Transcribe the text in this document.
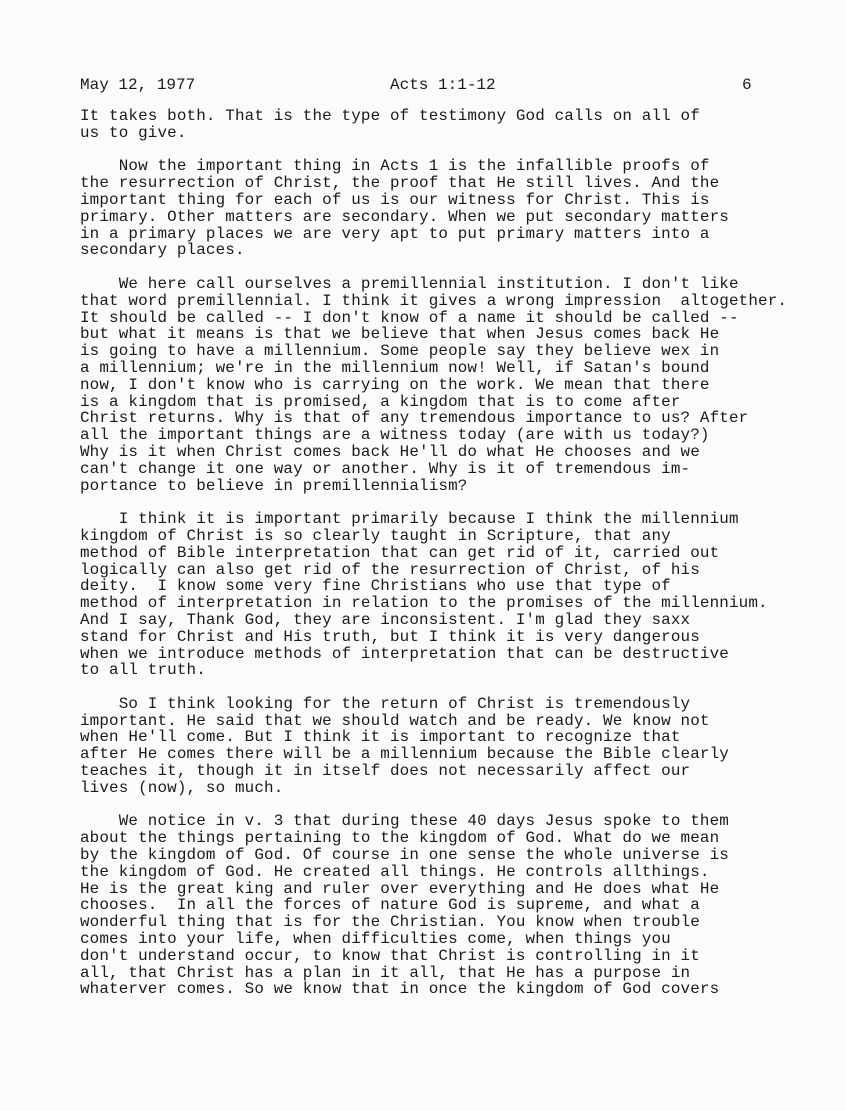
May 12, 1977	Acts 1:1-12	6
It takes both. That is the type of testimony God calls on all of
us to give.
Now the important thing in Acts 1 is the infallible proofs of
the resurrection of Christ, the proof that He still lives. And the
important thing for each of us is our witness for Christ. This is
primary. Other matters are secondary. When we put secondary matters
in a primary places we are very apt to put primary matters into a
secondary places.
We here call ourselves a premillennial institution. I don't like
that word premillennial. I think it gives a wrong impression  altogether.
It should be called -- I don't know of a name it should be called --
but what it means is that we believe that when Jesus comes back He
is going to have a millennium. Some people say they believe wex in
a millennium; we're in the millennium now! Well, if Satan's bound
now, I don't know who is carrying on the work. We mean that there
is a kingdom that is promised, a kingdom that is to come after
Christ returns. Why is that of any tremendous importance to us? After
all the important things are a witness today (are with us today?)
Why is it when Christ comes back He'll do what He chooses and we
can't change it one way or another. Why is it of tremendous im-
portance to believe in premillennialism?
I think it is important primarily because I think the millennium
kingdom of Christ is so clearly taught in Scripture, that any
method of Bible interpretation that can get rid of it, carried out
logically can also get rid of the resurrection of Christ, of his
deity.  I know some very fine Christians who use that type of
method of interpretation in relation to the promises of the millennium.
And I say, Thank God, they are inconsistent. I'm glad they saxx
stand for Christ and His truth, but I think it is very dangerous
when we introduce methods of interpretation that can be destructive
to all truth.
So I think looking for the return of Christ is tremendously
important. He said that we should watch and be ready. We know not
when He'll come. But I think it is important to recognize that
after He comes there will be a millennium because the Bible clearly
teaches it, though it in itself does not necessarily affect our
lives (now), so much.
We notice in v. 3 that during these 40 days Jesus spoke to them
about the things pertaining to the kingdom of God. What do we mean
by the kingdom of God. Of course in one sense the whole universe is
the kingdom of God. He created all things. He controls allthings.
He is the great king and ruler over everything and He does what He
chooses.  In all the forces of nature God is supreme, and what a
wonderful thing that is for the Christian. You know when trouble
comes into your life, when difficulties come, when things you
don't understand occur, to know that Christ is controlling in it
all, that Christ has a plan in it all, that He has a purpose in
whaterver comes. So we know that in once the kingdom of God covers
